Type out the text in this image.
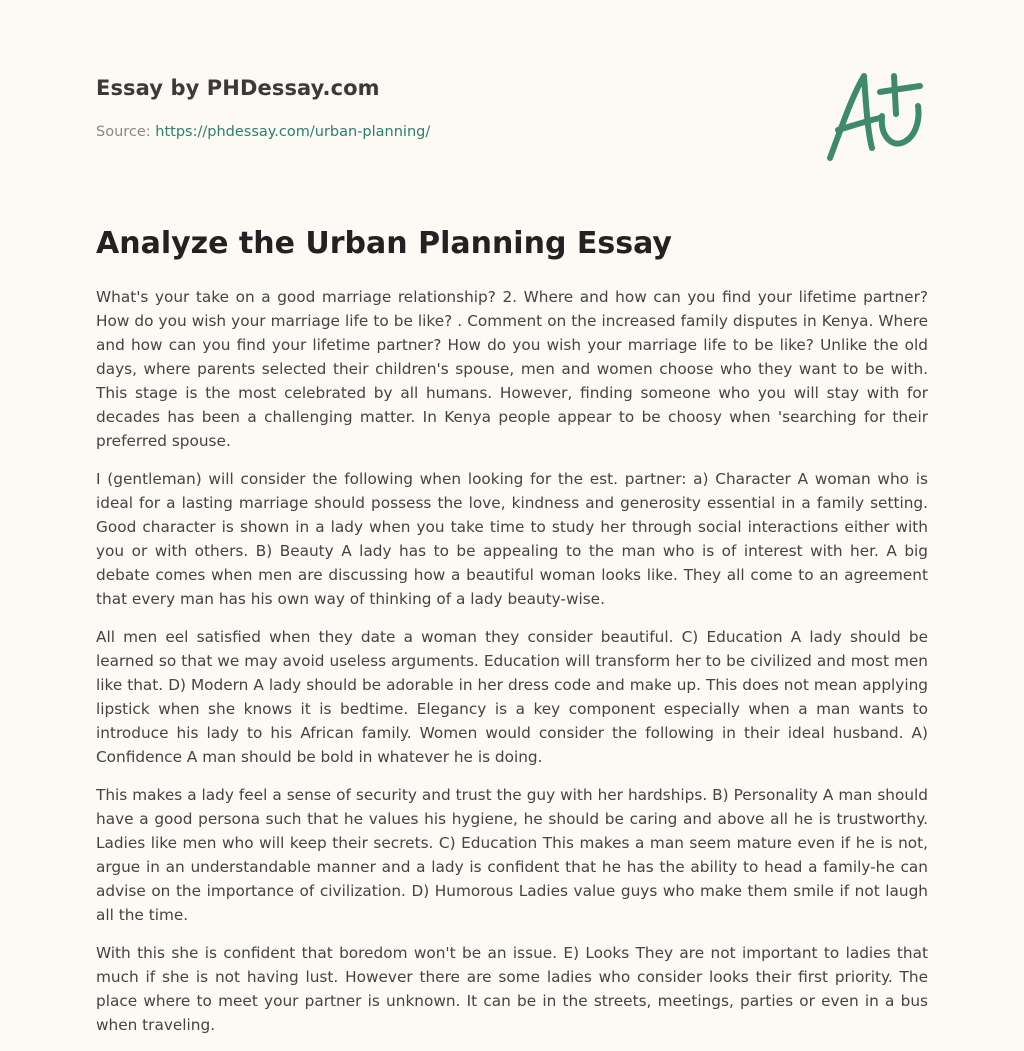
Essay by PHDessay.com
Source: https://phdessay.com/urban-planning/
Analyze the Urban Planning Essay

What's your take on a good marriage relationship? 2. Where and how can you find your lifetime partner? How do you wish your marriage life to be like? . Comment on the increased family disputes in Kenya. Where and how can you find your lifetime partner? How do you wish your marriage life to be like? Unlike the old days, where parents selected their children's spouse, men and women choose who they want to be with. This stage is the most celebrated by all humans. However, finding someone who you will stay with for decades has been a challenging matter. In Kenya people appear to be choosy when 'searching for their preferred spouse.

I (gentleman) will consider the following when looking for the est. partner: a) Character A woman who is ideal for a lasting marriage should possess the love, kindness and generosity essential in a family setting. Good character is shown in a lady when you take time to study her through social interactions either with you or with others. B) Beauty A lady has to be appealing to the man who is of interest with her. A big debate comes when men are discussing how a beautiful woman looks like. They all come to an agreement that every man has his own way of thinking of a lady beauty-wise.

All men eel satisfied when they date a woman they consider beautiful. C) Education A lady should be learned so that we may avoid useless arguments. Education will transform her to be civilized and most men like that. D) Modern A lady should be adorable in her dress code and make up. This does not mean applying lipstick when she knows it is bedtime. Elegancy is a key component especially when a man wants to introduce his lady to his African family. Women would consider the following in their ideal husband. A) Confidence A man should be bold in whatever he is doing.

This makes a lady feel a sense of security and trust the guy with her hardships. B) Personality A man should have a good persona such that he values his hygiene, he should be caring and above all he is trustworthy. Ladies like men who will keep their secrets. C) Education This makes a man seem mature even if he is not, argue in an understandable manner and a lady is confident that he has the ability to head a family-he can advise on the importance of civilization. D) Humorous Ladies value guys who make them smile if not laugh all the time.

With this she is confident that boredom won't be an issue. E) Looks They are not important to ladies that much if she is not having lust. However there are some ladies who consider looks their first priority. The place where to meet your partner is unknown. It can be in the streets, meetings, parties or even in a bus when traveling.
